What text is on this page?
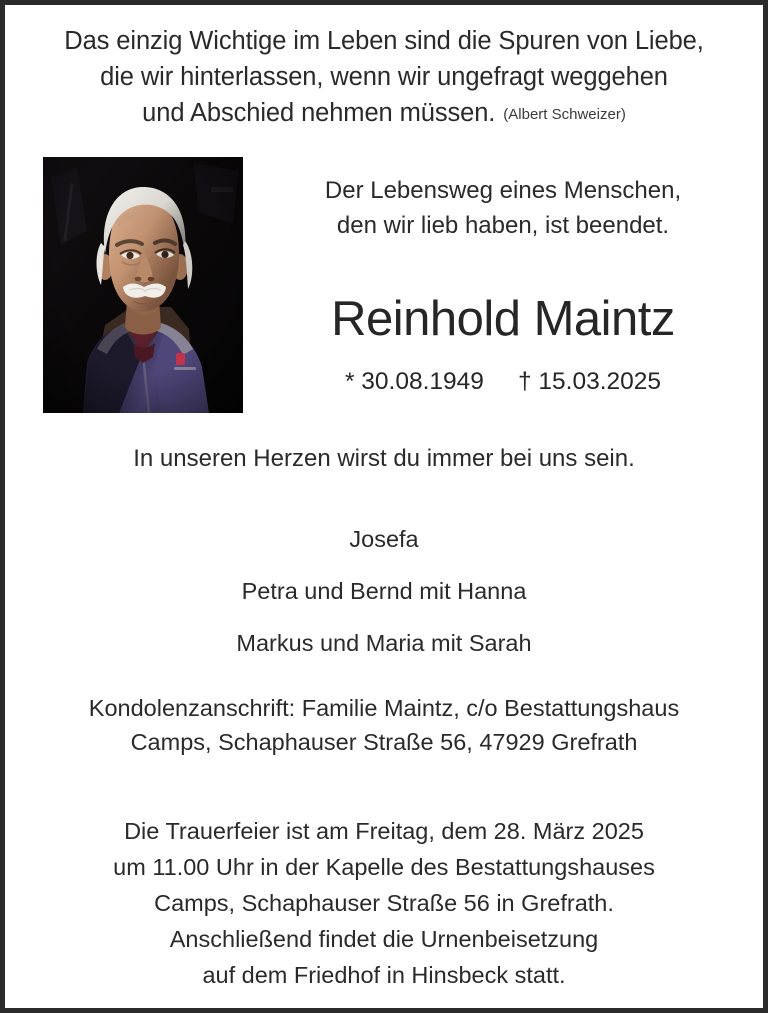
Das einzig Wichtige im Leben sind die Spuren von Liebe,
die wir hinterlassen, wenn wir ungefragt weggehen
und Abschied nehmen müssen. (Albert Schweizer)
Der Lebensweg eines Menschen,
den wir lieb haben, ist beendet.
Reinhold Maintz
* 30.08.1949     † 15.03.2025
In unseren Herzen wirst du immer bei uns sein.
Josefa
Petra und Bernd mit Hanna
Markus und Maria mit Sarah
Kondolenzanschrift: Familie Maintz, c/o Bestattungshaus
Camps, Schaphauser Straße 56, 47929 Grefrath
Die Trauerfeier ist am Freitag, dem 28. März 2025
um 11.00 Uhr in der Kapelle des Bestattungshauses
Camps, Schaphauser Straße 56 in Grefrath.
Anschließend findet die Urnenbeisetzung
auf dem Friedhof in Hinsbeck statt.
